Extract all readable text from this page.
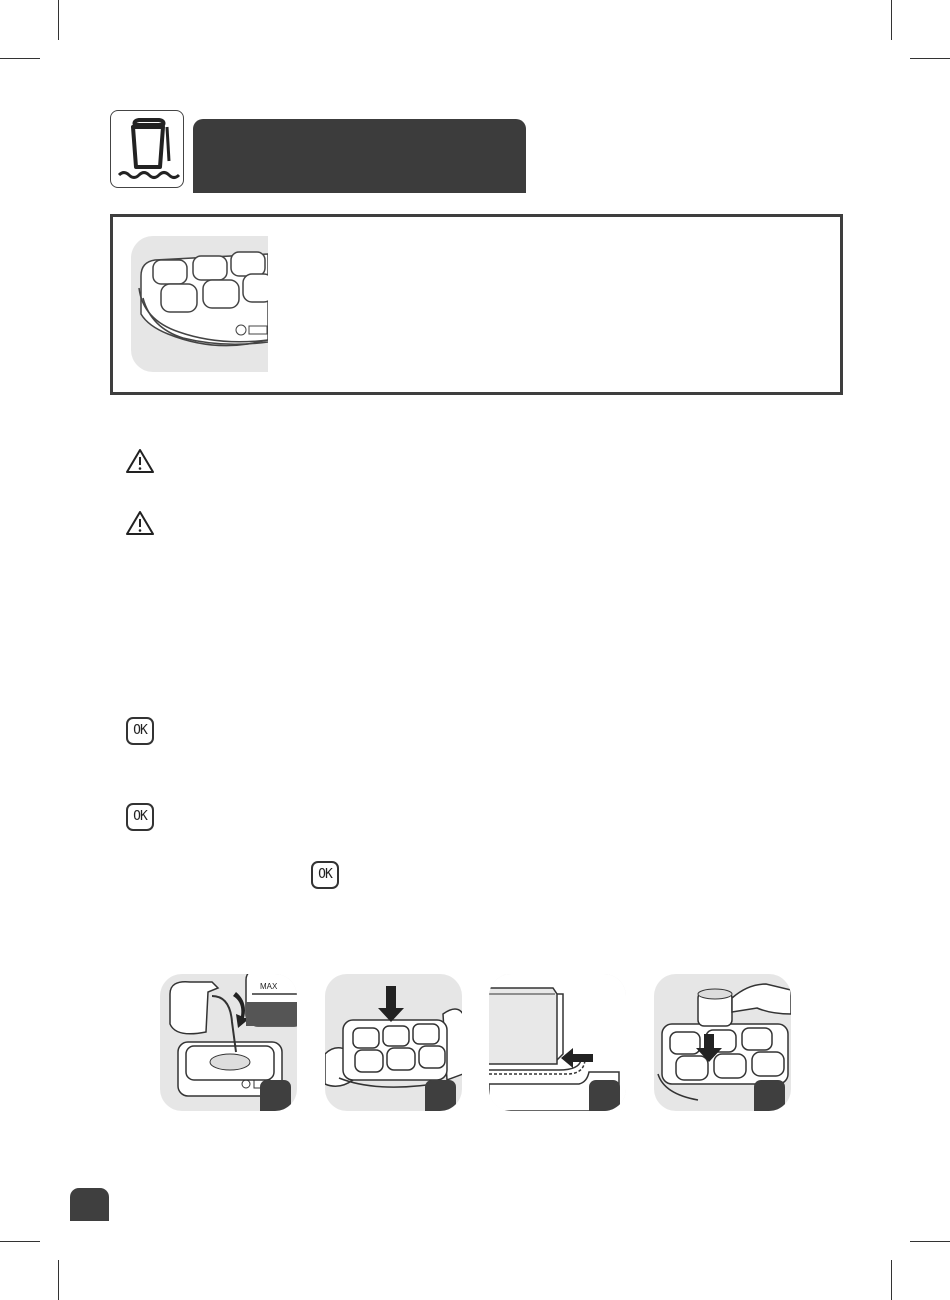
OK
OK
OK
MAX
